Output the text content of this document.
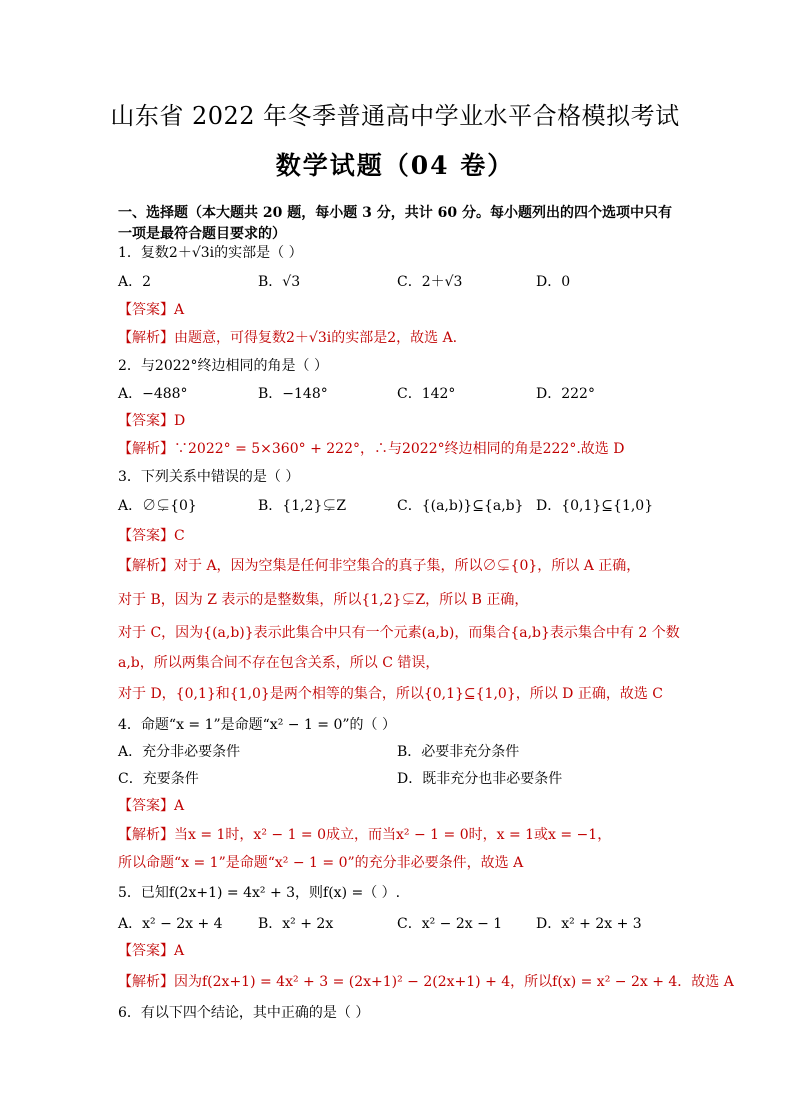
山东省 2022 年冬季普通高中学业水平合格模拟考试
数学试题（04 卷）
一、选择题（本大题共 20 题，每小题 3 分，共计 60 分。每小题列出的四个选项中只有一项是最符合题目要求的）
1．复数2＋√3i的实部是（ ）
A．2	B．√3	C．2＋√3	D．0
【答案】A
【解析】由题意，可得复数2＋√3i的实部是2，故选 A.
2．与2022°终边相同的角是（ ）
A．−488°	B．−148°	C．142°	D．222°
【答案】D
【解析】∵2022° = 5×360° + 222°，∴与2022°终边相同的角是222°.故选 D
3．下列关系中错误的是（ ）
A．∅⊊{0}	B．{1,2}⊊Z	C．{(a,b)}⊆{a,b} D．{0,1}⊆{1,0}
【答案】C
【解析】对于 A，因为空集是任何非空集合的真子集，所以∅⊊{0}，所以 A 正确，
对于 B，因为 Z 表示的是整数集，所以{1,2}⊊Z，所以 B 正确，
对于 C，因为{(a,b)}表示此集合中只有一个元素(a,b)，而集合{a,b}表示集合中有 2 个数
a,b，所以两集合间不存在包含关系，所以 C 错误，
对于 D，{0,1}和{1,0}是两个相等的集合，所以{0,1}⊆{1,0}，所以 D 正确，故选 C
4．命题“x = 1”是命题“x² − 1 = 0”的（ ）
A．充分非必要条件	B．必要非充分条件
C．充要条件	D．既非充分也非必要条件
【答案】A
【解析】当x = 1时，x² − 1 = 0成立，而当x² − 1 = 0时，x = 1或x = −1，
所以命题“x = 1”是命题“x² − 1 = 0”的充分非必要条件，故选 A
5．已知f(2x+1) = 4x² + 3，则f(x) =（ ）.
A．x² − 2x + 4	B．x² + 2x	C．x² − 2x − 1 D．x² + 2x + 3
【答案】A
【解析】因为f(2x+1) = 4x² + 3 = (2x+1)² − 2(2x+1) + 4，所以f(x) = x² − 2x + 4．故选 A
6．有以下四个结论，其中正确的是（ ）
